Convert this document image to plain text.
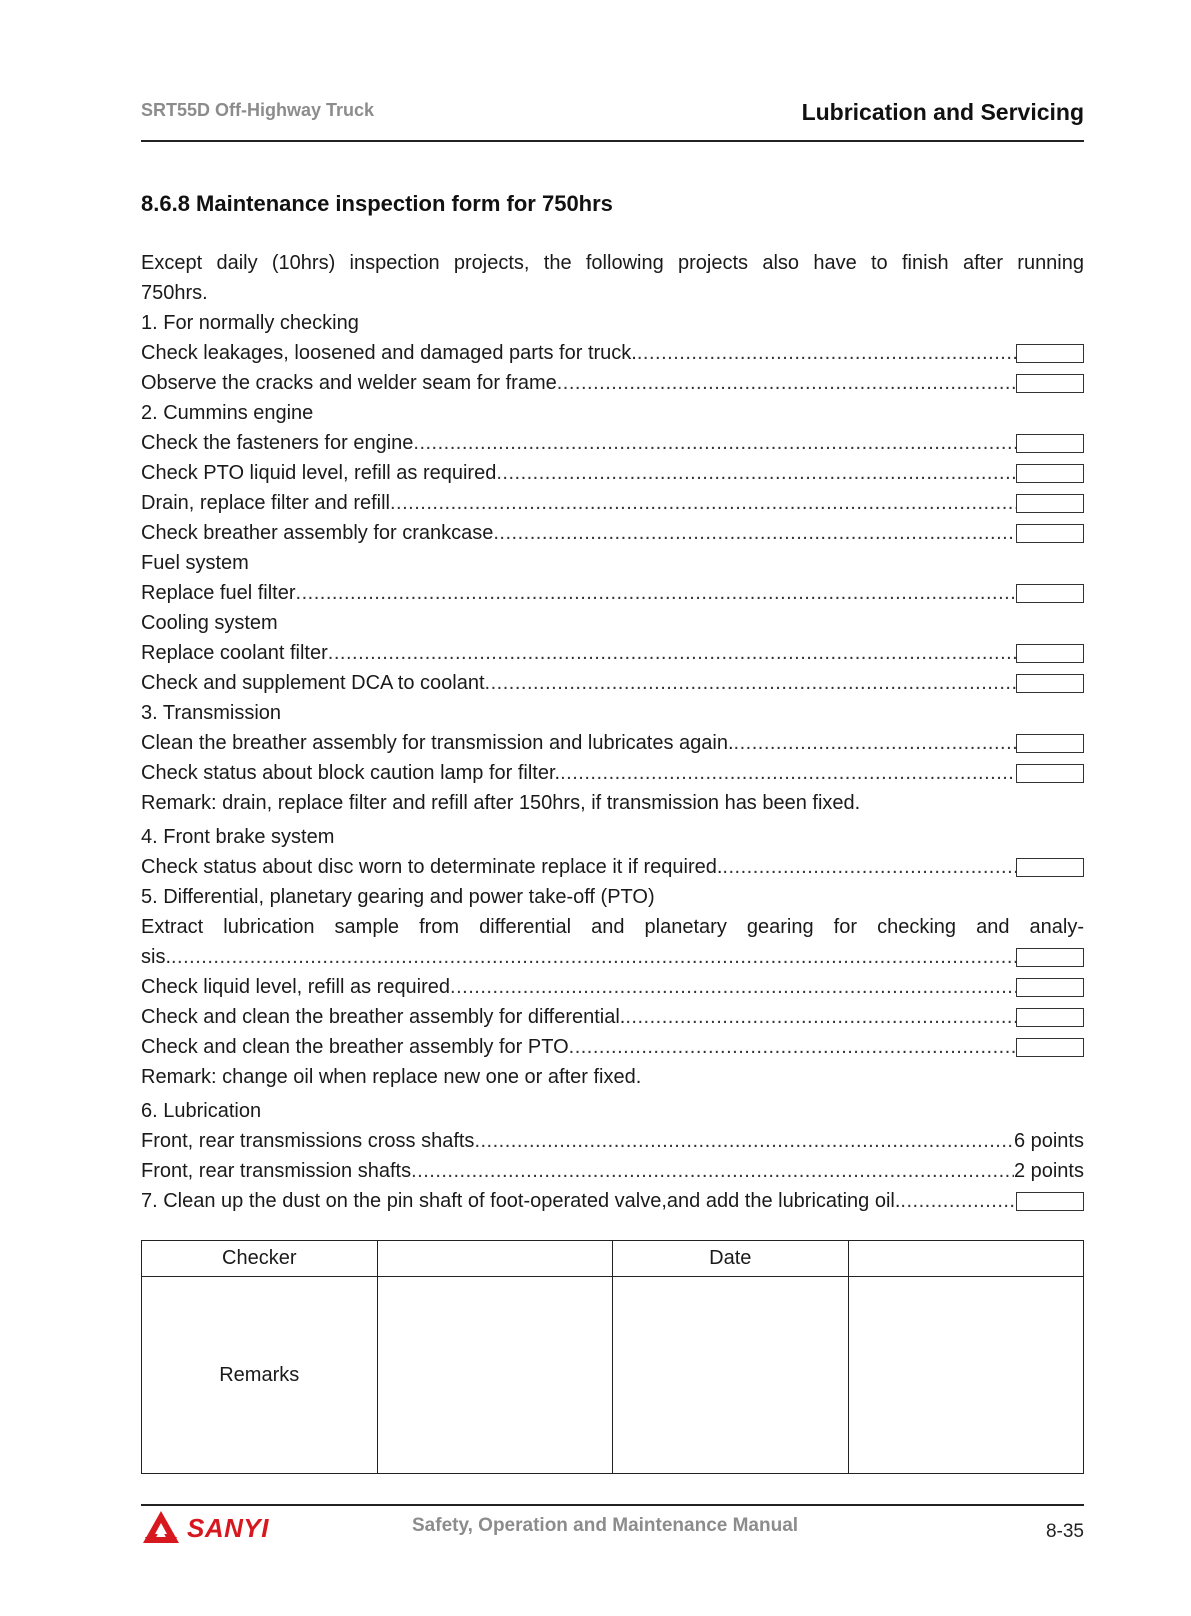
SRT55D Off-Highway Truck	Lubrication and Servicing
8.6.8 Maintenance inspection form for 750hrs
Except daily (10hrs) inspection projects, the following projects also have to finish after running
750hrs.
1. For normally checking
Check leakages, loosened and damaged parts for truck.
.....
Observe the cracks and welder seam for frame
.....
2. Cummins engine
Check the fasteners for engine
.....
Check PTO liquid level, refill as required
.....
Drain, replace filter and refill
.....
Check breather assembly for crankcase
.....
Fuel system
Replace fuel filter
.....
Cooling system
Replace coolant filter
.....
Check and supplement DCA to coolant
.....
3. Transmission
Clean the breather assembly for transmission and lubricates again.
.....
Check status about block caution lamp for filter.
.....
Remark: drain, replace filter and refill after 150hrs, if transmission has been fixed.
4. Front brake system
Check status about disc worn to determinate replace it if required.
.....
5. Differential, planetary gearing and power take-off (PTO)
Extract lubrication sample from differential and planetary gearing for checking and analy-
sis.
.....
Check liquid level, refill as required
.....
Check and clean the breather assembly for differential.
.....
Check and clean the breather assembly for PTO
.....
Remark: change oil when replace new one or after fixed.
6. Lubrication
Front, rear transmissions cross shafts .....	6 points
Front, rear transmission shafts .....	2 points
7. Clean up the dust on the pin shaft of foot-operated valve,and add the lubricating oil.
.....
Checker		Date	
Remarks			
SANYI	Safety, Operation and Maintenance Manual	8-35
